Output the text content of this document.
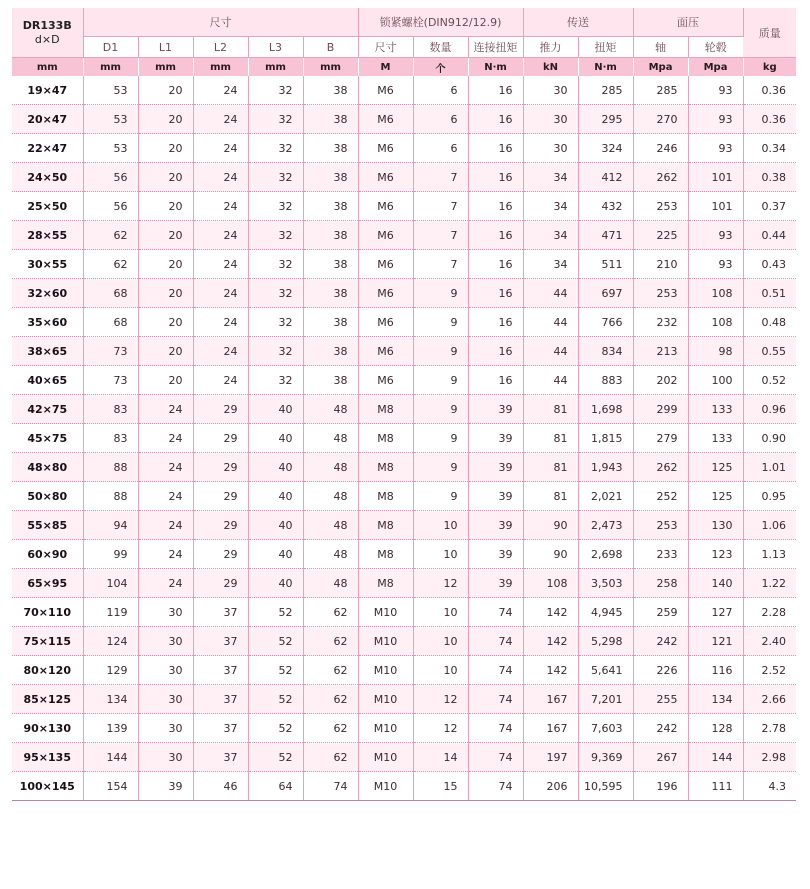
DR133B
d×D	尺寸					锁紧螺栓(DIN912/12.9)			传送		面压		质量
	D1	L1	L2	L3	B	尺寸	数量	连接扭矩	推力	扭矩	轴	轮毂	
mm	mm	mm	mm	mm	mm	M	个	N·m	kN	N·m	Mpa	Mpa	kg
19×47	53	20	24	32	38	M6	6	16	30	285	285	93	0.36
20×47	53	20	24	32	38	M6	6	16	30	295	270	93	0.36
22×47	53	20	24	32	38	M6	6	16	30	324	246	93	0.34
24×50	56	20	24	32	38	M6	7	16	34	412	262	101	0.38
25×50	56	20	24	32	38	M6	7	16	34	432	253	101	0.37
28×55	62	20	24	32	38	M6	7	16	34	471	225	93	0.44
30×55	62	20	24	32	38	M6	7	16	34	511	210	93	0.43
32×60	68	20	24	32	38	M6	9	16	44	697	253	108	0.51
35×60	68	20	24	32	38	M6	9	16	44	766	232	108	0.48
38×65	73	20	24	32	38	M6	9	16	44	834	213	98	0.55
40×65	73	20	24	32	38	M6	9	16	44	883	202	100	0.52
42×75	83	24	29	40	48	M8	9	39	81	1,698	299	133	0.96
45×75	83	24	29	40	48	M8	9	39	81	1,815	279	133	0.90
48×80	88	24	29	40	48	M8	9	39	81	1,943	262	125	1.01
50×80	88	24	29	40	48	M8	9	39	81	2,021	252	125	0.95
55×85	94	24	29	40	48	M8	10	39	90	2,473	253	130	1.06
60×90	99	24	29	40	48	M8	10	39	90	2,698	233	123	1.13
65×95	104	24	29	40	48	M8	12	39	108	3,503	258	140	1.22
70×110	119	30	37	52	62	M10	10	74	142	4,945	259	127	2.28
75×115	124	30	37	52	62	M10	10	74	142	5,298	242	121	2.40
80×120	129	30	37	52	62	M10	10	74	142	5,641	226	116	2.52
85×125	134	30	37	52	62	M10	12	74	167	7,201	255	134	2.66
90×130	139	30	37	52	62	M10	12	74	167	7,603	242	128	2.78
95×135	144	30	37	52	62	M10	14	74	197	9,369	267	144	2.98
100×145	154	39	46	64	74	M10	15	74	206	10,595	196	111	4.3
